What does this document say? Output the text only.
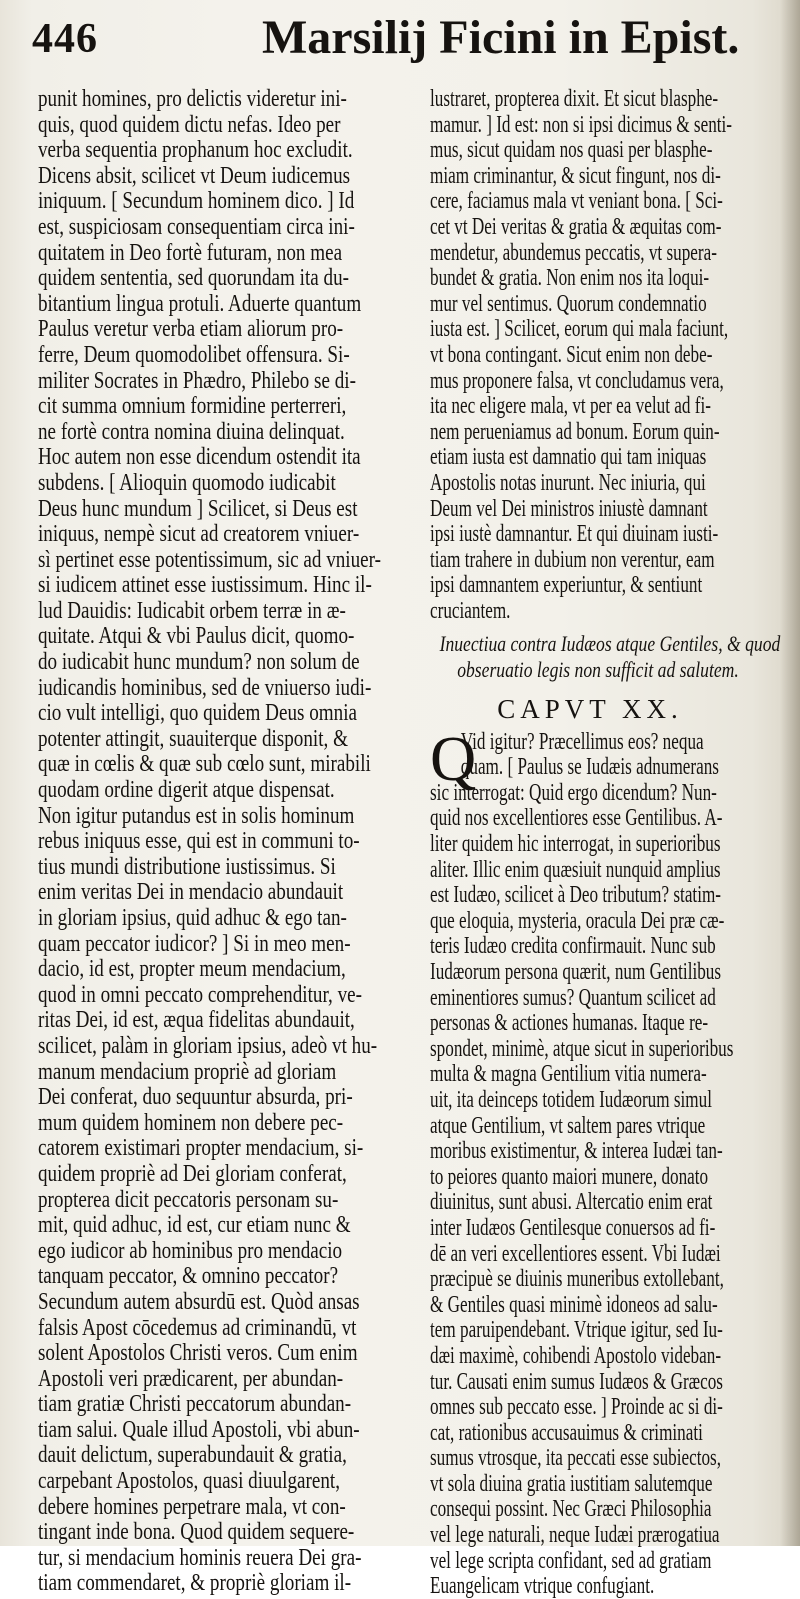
446	Marsilij Ficini in Epist.
punit homines, pro delictis videretur ini-
quis, quod quidem dictu nefas. Ideo per
verba sequentia prophanum hoc excludit.
Dicens absit, scilicet vt Deum iudicemus
iniquum. [ Secundum hominem dico. ] Id
est, suspiciosam consequentiam circa ini-
quitatem in Deo fortè futuram, non mea
quidem sententia, sed quorundam ita du-
bitantium lingua protuli. Aduerte quantum
Paulus veretur verba etiam aliorum pro-
ferre, Deum quomodolibet offensura. Si-
militer Socrates in Phædro, Philebo se di-
cit summa omnium formidine perterreri,
ne fortè contra nomina diuina delinquat.
Hoc autem non esse dicendum ostendit ita
subdens. [ Alioquin quomodo iudicabit
Deus hunc mundum ] Scilicet, si Deus est
iniquus, nempè sicut ad creatorem vniuer-
sì pertinet esse potentissimum, sic ad vniuer-
si iudicem attinet esse iustissimum. Hinc il-
lud Dauidis: Iudicabit orbem terræ in æ-
quitate. Atqui & vbi Paulus dicit, quomo-
do iudicabit hunc mundum? non solum de
iudicandis hominibus, sed de vniuerso iudi-
cio vult intelligi, quo quidem Deus omnia
potenter attingit, suauiterque disponit, &
quæ in cœlis & quæ sub cœlo sunt, mirabili
quodam ordine digerit atque dispensat.
Non igitur putandus est in solis hominum
rebus iniquus esse, qui est in communi to-
tius mundi distributione iustissimus. Si
enim veritas Dei in mendacio abundauit
in gloriam ipsius, quid adhuc & ego tan-
quam peccator iudicor? ] Si in meo men-
dacio, id est, propter meum mendacium,
quod in omni peccato comprehenditur, ve-
ritas Dei, id est, æqua fidelitas abundauit,
scilicet, palàm in gloriam ipsius, adeò vt hu-
manum mendacium propriè ad gloriam
Dei conferat, duo sequuntur absurda, pri-
mum quidem hominem non debere pec-
catorem existimari propter mendacium, si-
quidem propriè ad Dei gloriam conferat,
propterea dicit peccatoris personam su-
mit, quid adhuc, id est, cur etiam nunc &
ego iudicor ab hominibus pro mendacio
tanquam peccator, & omnino peccator?
Secundum autem absurdū est. Quòd ansas
falsis Apost cōcedemus ad criminandū, vt
solent Apostolos Christi veros. Cum enim
Apostoli veri prædicarent, per abundan-
tiam gratiæ Christi peccatorum abundan-
tiam salui. Quale illud Apostoli, vbi abun-
dauit delictum, superabundauit & gratia,
carpebant Apostolos, quasi diuulgarent,
debere homines perpetrare mala, vt con-
tingant inde bona. Quod quidem sequere-
tur, si mendacium hominis reuera Dei gra-
tiam commendaret, & propriè gloriam il-
lustraret, propterea dixit. Et sicut blasphe-
mamur. ] Id est: non si ipsi dicimus & senti-
mus, sicut quidam nos quasi per blasphe-
miam criminantur, & sicut fingunt, nos di-
cere, faciamus mala vt veniant bona. [ Sci-
cet vt Dei veritas & gratia & æquitas com-
mendetur, abundemus peccatis, vt supera-
bundet & gratia. Non enim nos ita loqui-
mur vel sentimus. Quorum condemnatio
iusta est. ] Scilicet, eorum qui mala faciunt,
vt bona contingant. Sicut enim non debe-
mus proponere falsa, vt concludamus vera,
ita nec eligere mala, vt per ea velut ad fi-
nem perueniamus ad bonum. Eorum quin-
etiam iusta est damnatio qui tam iniquas
Apostolis notas inurunt. Nec iniuria, qui
Deum vel Dei ministros iniustè damnant
ipsi iustè damnantur. Et qui diuinam iusti-
tiam trahere in dubium non verentur, eam
ipsi damnantem experiuntur, & sentiunt
cruciantem.
Inuectiua contra Iudæos atque Gentiles, & quod
obseruatio legis non sufficit ad salutem.
CAPVT XX.
Q
Vid igitur? Præcellimus eos? nequa
quam. [ Paulus se Iudæis adnumerans
sic interrogat: Quid ergo dicendum? Nun-
quid nos excellentiores esse Gentilibus. A-
liter quidem hic interrogat, in superioribus
aliter. Illic enim quæsiuit nunquid amplius
est Iudæo, scilicet à Deo tributum? statim-
que eloquia, mysteria, oracula Dei præ cæ-
teris Iudæo credita confirmauit. Nunc sub
Iudæorum persona quærit, num Gentilibus
eminentiores sumus? Quantum scilicet ad
personas & actiones humanas. Itaque re-
spondet, minimè, atque sicut in superioribus
multa & magna Gentilium vitia numera-
uit, ita deinceps totidem Iudæorum simul
atque Gentilium, vt saltem pares vtrique
moribus existimentur, & interea Iudæi tan-
to peiores quanto maiori munere, donato
diuinitus, sunt abusi. Altercatio enim erat
inter Iudæos Gentilesque conuersos ad fi-
dē an veri excellentiores essent. Vbi Iudæi
præcipuè se diuinis muneribus extollebant,
& Gentiles quasi minimè idoneos ad salu-
tem paruipendebant. Vtrique igitur, sed Iu-
dæi maximè, cohibendi Apostolo videban-
tur. Causati enim sumus Iudæos & Græcos
omnes sub peccato esse. ] Proinde ac si di-
cat, rationibus accusauimus & criminati
sumus vtrosque, ita peccati esse subiectos,
vt sola diuina gratia iustitiam salutemque
consequi possint. Nec Græci Philosophia
vel lege naturali, neque Iudæi prærogatiua
vel lege scripta confidant, sed ad gratiam
Euangelicam vtrique confugiant.
